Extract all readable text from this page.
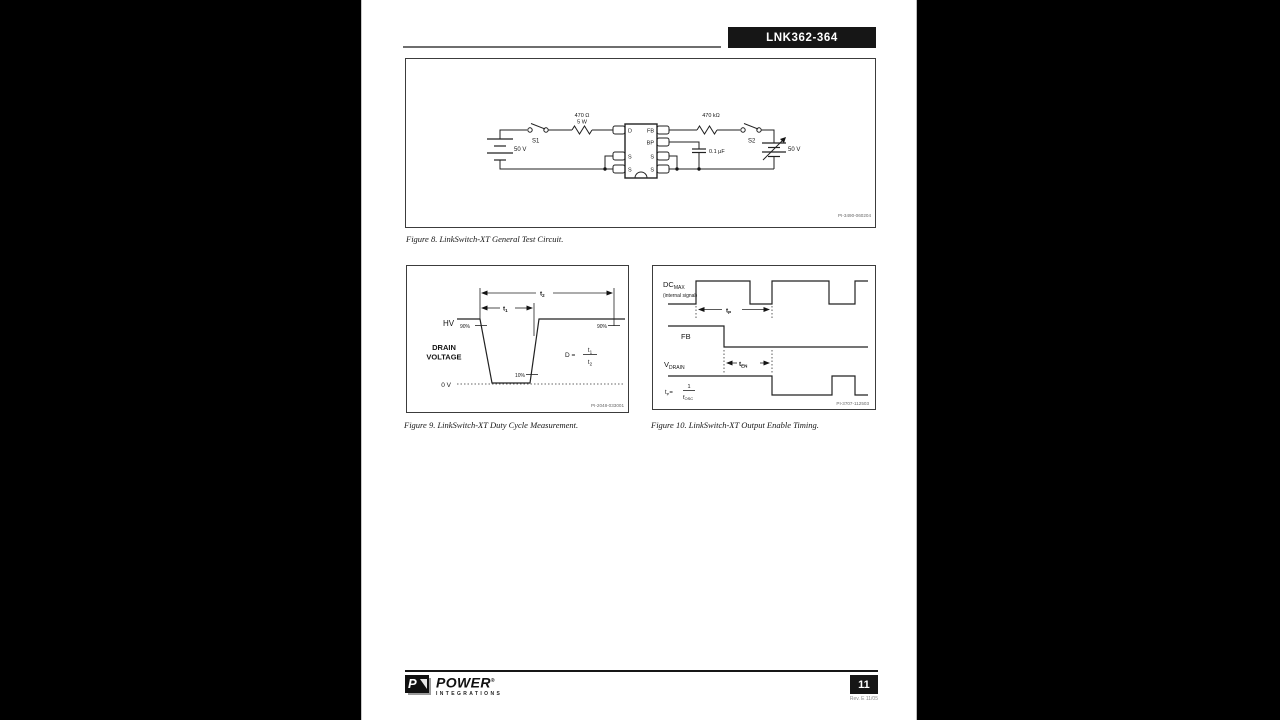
LNK362-364
50 V
S1
470 Ω
5 W
D	FB
BP
S
S
S
S
470 kΩ
S2
50 V
0.1 µF
PI-3490-060204
Figure 8. LinkSwitch-XT General Test Circuit.
t2
t1
HV 90%	90%
10%
0 V
DRAIN
VOLTAGE	D =
t1
t2
PI-2048-033001
Figure 9. LinkSwitch-XT Duty Cycle Measurement.
DCMAX
(internal signal)
tP
FB
tEN
VDRAIN
tP=
1
fOSC
PI-3707-112503
Figure 10. LinkSwitch-XT Output Enable Timing.
P	POWER®
INTEGRATIONS
11
Rev. E 11/05
